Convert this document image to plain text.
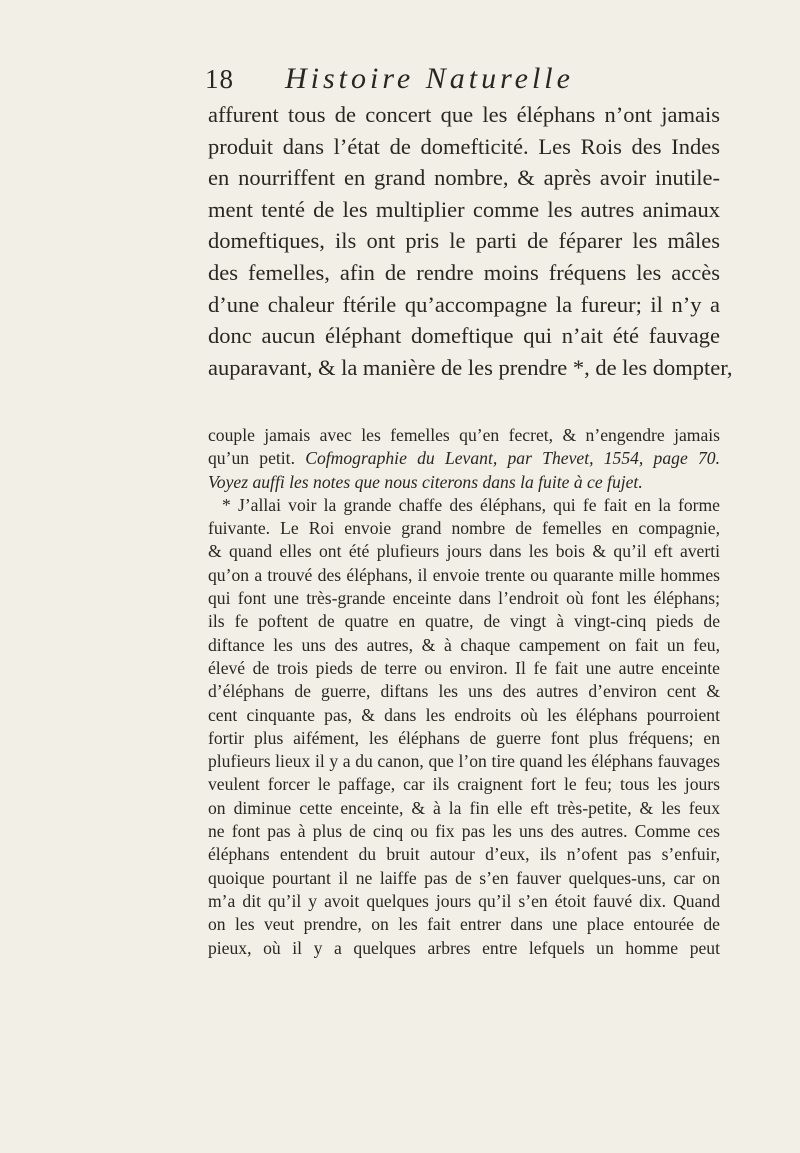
18 Histoire Naturelle
affurent tous de concert que les éléphans n’ont jamais
produit dans l’état de domefticité. Les Rois des Indes
en nourriffent en grand nombre, & après avoir inutile-
ment tenté de les multiplier comme les autres animaux
domeftiques, ils ont pris le parti de féparer les mâles
des femelles, afin de rendre moins fréquens les accès
d’une chaleur ftérile qu’accompagne la fureur; il n’y a
donc aucun éléphant domeftique qui n’ait été fauvage
auparavant, & la manière de les prendre *, de les dompter,
couple jamais avec les femelles qu’en fecret, & n’engendre jamais
qu’un petit. Cofmographie du Levant, par Thevet, 1554, page 70.
Voyez auffi les notes que nous citerons dans la fuite à ce fujet.
* J’allai voir la grande chaffe des éléphans, qui fe fait en la forme
fuivante. Le Roi envoie grand nombre de femelles en compagnie,
& quand elles ont été plufieurs jours dans les bois & qu’il eft averti
qu’on a trouvé des éléphans, il envoie trente ou quarante mille hommes
qui font une très-grande enceinte dans l’endroit où font les éléphans;
ils fe poftent de quatre en quatre, de vingt à vingt-cinq pieds de
diftance les uns des autres, & à chaque campement on fait un feu,
élevé de trois pieds de terre ou environ. Il fe fait une autre enceinte
d’éléphans de guerre, diftans les uns des autres d’environ cent &
cent cinquante pas, & dans les endroits où les éléphans pourroient
fortir plus aifément, les éléphans de guerre font plus fréquens; en
plufieurs lieux il y a du canon, que l’on tire quand les éléphans fauvages
veulent forcer le paffage, car ils craignent fort le feu; tous les jours
on diminue cette enceinte, & à la fin elle eft très-petite, & les feux
ne font pas à plus de cinq ou fix pas les uns des autres. Comme ces
éléphans entendent du bruit autour d’eux, ils n’ofent pas s’enfuir,
quoique pourtant il ne laiffe pas de s’en fauver quelques-uns, car on
m’a dit qu’il y avoit quelques jours qu’il s’en étoit fauvé dix. Quand
on les veut prendre, on les fait entrer dans une place entourée de
pieux, où il y a quelques arbres entre lefquels un homme peut
